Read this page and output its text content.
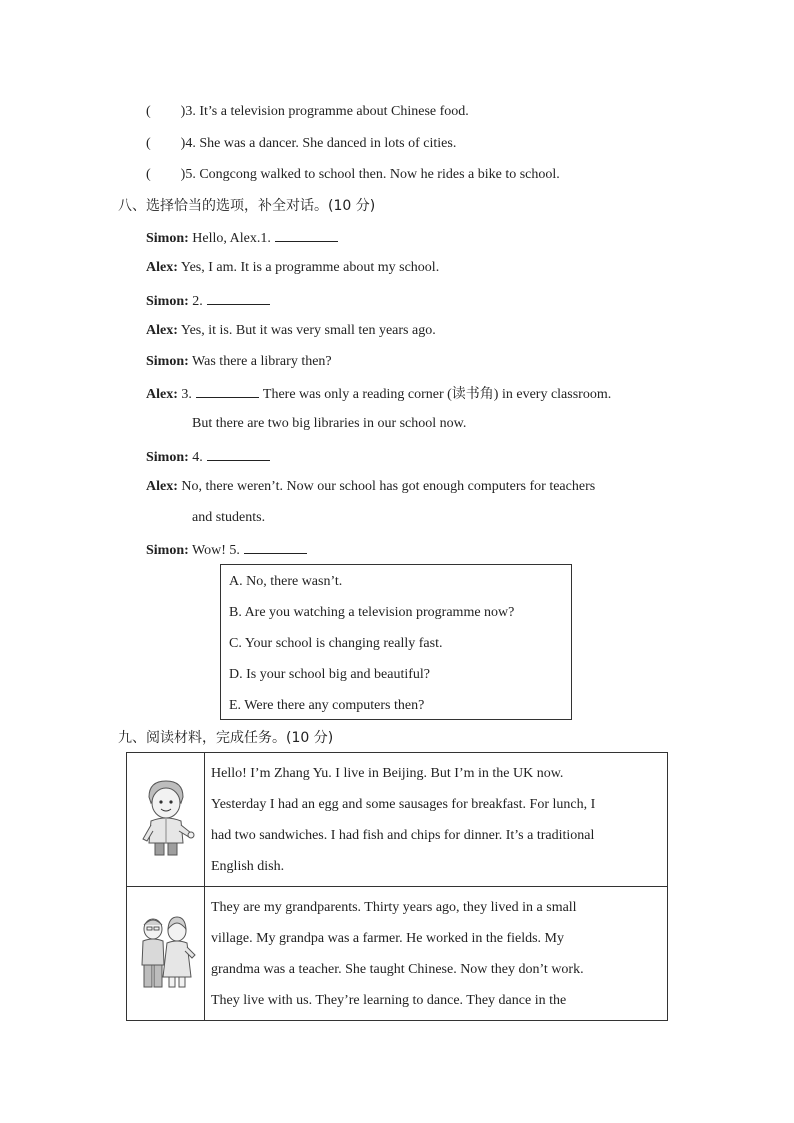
( )3. It’s a television programme about Chinese food.
( )4. She was a dancer. She danced in lots of cities.
( )5. Congcong walked to school then. Now he rides a bike to school.
八、选择恰当的选项，补全对话。(10 分)
Simon: Hello, Alex.1.
Alex: Yes, I am. It is a programme about my school.
Simon: 2.
Alex: Yes, it is. But it was very small ten years ago.
Simon: Was there a library then?
Alex: 3.	There was only a reading corner (读书角) in every classroom.
But there are two big libraries in our school now.
Simon: 4.
Alex: No, there weren’t. Now our school has got enough computers for teachers
and students.
Simon: Wow! 5.
A. No, there wasn’t.
B. Are you watching a television programme now?
C. Your school is changing really fast.
D. Is your school big and beautiful?
E. Were there any computers then?
九、阅读材料，完成任务。(10 分)

Hello! I’m Zhang Yu. I live in Beijing. But I’m in the UK now.
Yesterday I had an egg and some sausages for breakfast. For lunch, I
had two sandwiches. I had fish and chips for dinner. It’s a traditional
English dish.

They are my grandparents. Thirty years ago, they lived in a small
village. My grandpa was a farmer. He worked in the fields. My
grandma was a teacher. She taught Chinese. Now they don’t work.
They live with us. They’re learning to dance. They dance in the
